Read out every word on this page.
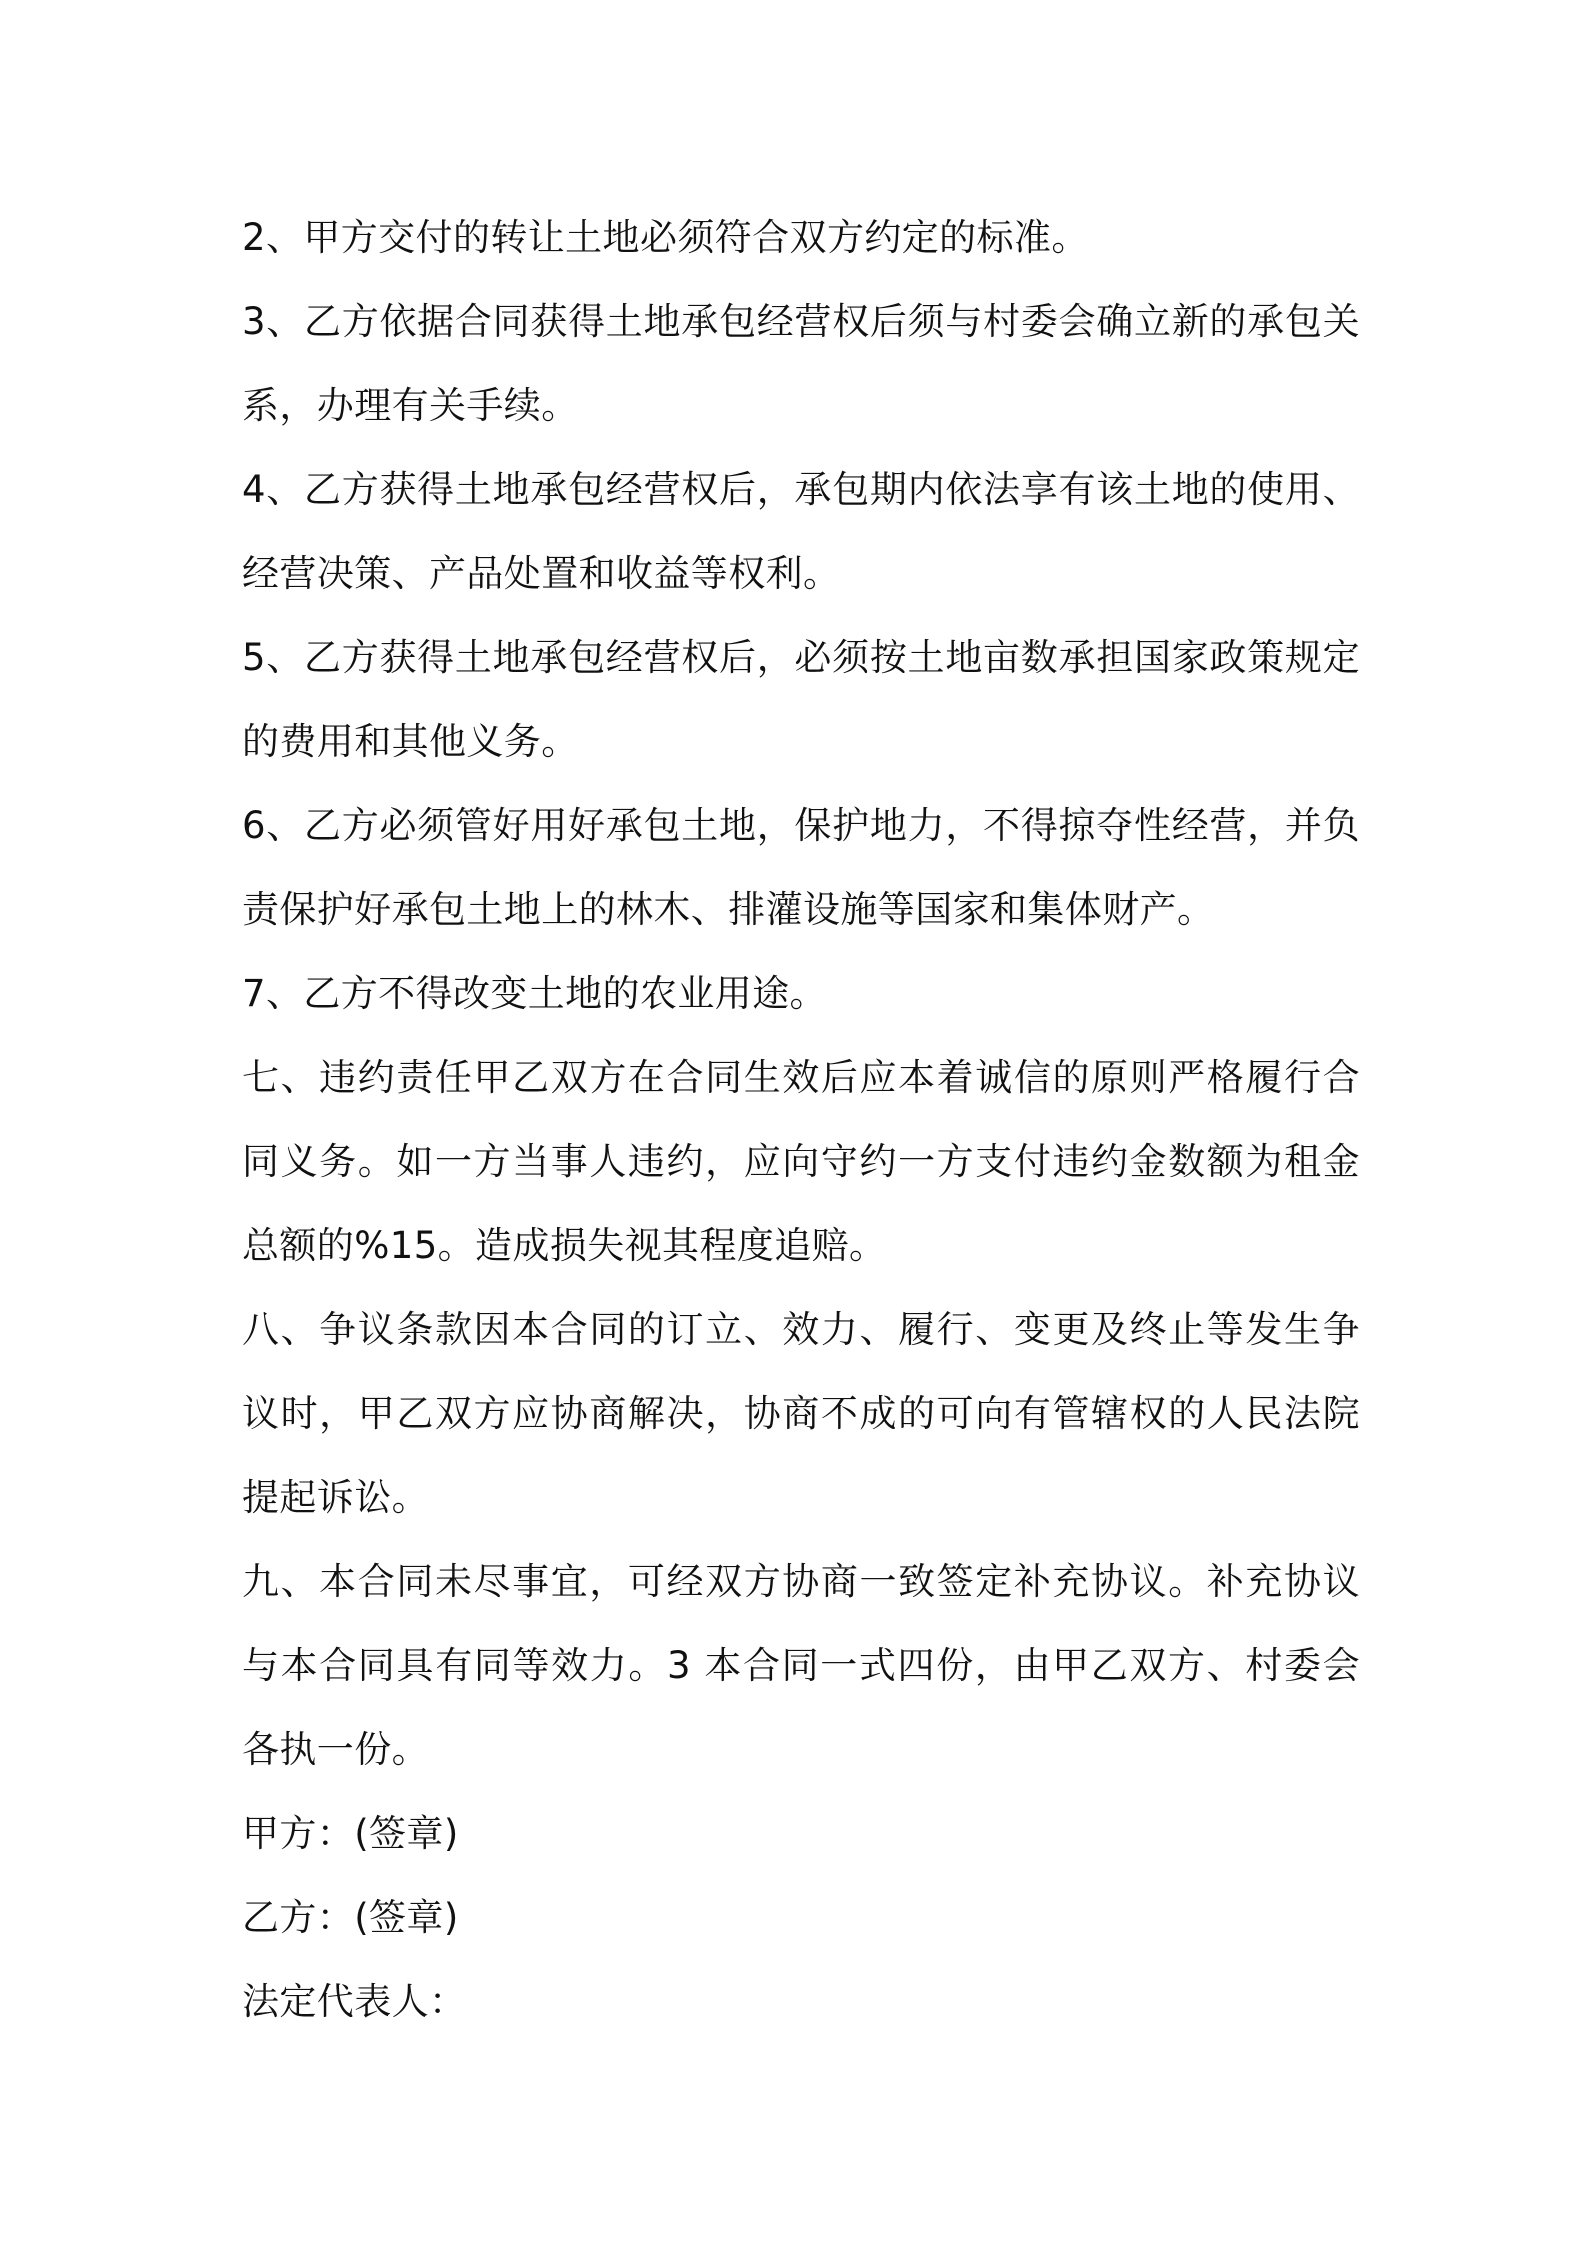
2、甲方交付的转让土地必须符合双方约定的标准。

3、乙方依据合同获得土地承包经营权后须与村委会确立新的承包关系，办理有关手续。

4、乙方获得土地承包经营权后，承包期内依法享有该土地的使用、经营决策、产品处置和收益等权利。

5、乙方获得土地承包经营权后，必须按土地亩数承担国家政策规定的费用和其他义务。

6、乙方必须管好用好承包土地，保护地力，不得掠夺性经营，并负责保护好承包土地上的林木、排灌设施等国家和集体财产。

7、乙方不得改变土地的农业用途。

七、违约责任甲乙双方在合同生效后应本着诚信的原则严格履行合同义务。如一方当事人违约，应向守约一方支付违约金数额为租金总额的%15。造成损失视其程度追赔。

八、争议条款因本合同的订立、效力、履行、变更及终止等发生争议时，甲乙双方应协商解决，协商不成的可向有管辖权的人民法院提起诉讼。

九、本合同未尽事宜，可经双方协商一致签定补充协议。补充协议与本合同具有同等效力。3 本合同一式四份，由甲乙双方、村委会各执一份。

甲方：(签章)

乙方：(签章)

法定代表人：
